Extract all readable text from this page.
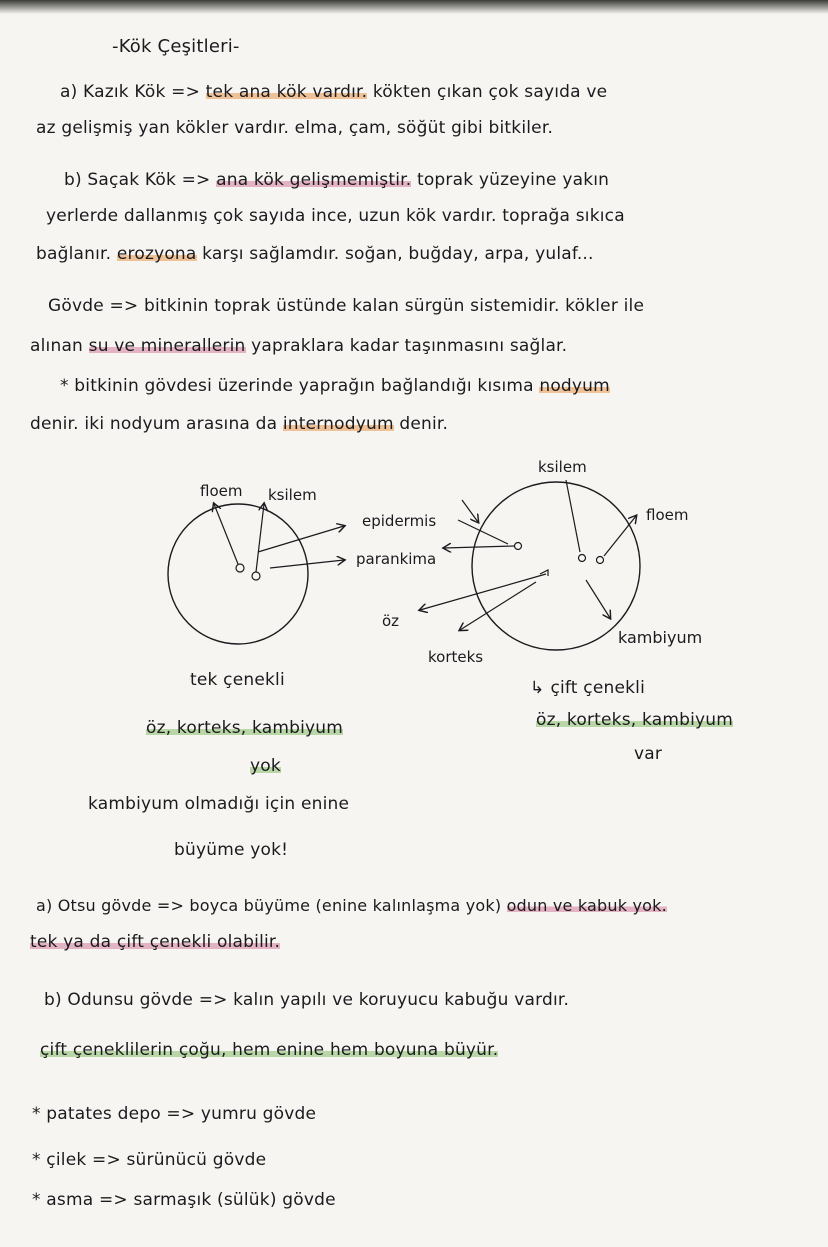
-Kök Çeşitleri-
a) Kazık Kök => tek ana kök vardır. kökten çıkan çok sayıda ve
az gelişmiş yan kökler vardır. elma, çam, söğüt gibi bitkiler.
b) Saçak Kök => ana kök gelişmemiştir. toprak yüzeyine yakın
yerlerde dallanmış çok sayıda ince, uzun kök vardır. toprağa sıkıca
bağlanır. erozyona karşı sağlamdır. soğan, buğday, arpa, yulaf...
Gövde => bitkinin toprak üstünde kalan sürgün sistemidir. kökler ile
alınan su ve minerallerin yapraklara kadar taşınmasını sağlar.
* bitkinin gövdesi üzerinde yaprağın bağlandığı kısıma nodyum
denir. iki nodyum arasına da internodyum denir.
floem ksilem
epidermis
parankima
öz
korteks
ksilem
floem
kambiyum
tek çenekli
öz, korteks, kambiyum
yok
kambiyum olmadığı için enine
büyüme yok!
↳ çift çenekli
öz, korteks, kambiyum
var
a) Otsu gövde => boyca büyüme (enine kalınlaşma yok) odun ve kabuk yok.
tek ya da çift çenekli olabilir.
b) Odunsu gövde => kalın yapılı ve koruyucu kabuğu vardır.
çift çeneklilerin çoğu, hem enine hem boyuna büyür.
* patates depo => yumru gövde
* çilek => sürünücü gövde
* asma => sarmaşık (sülük) gövde
